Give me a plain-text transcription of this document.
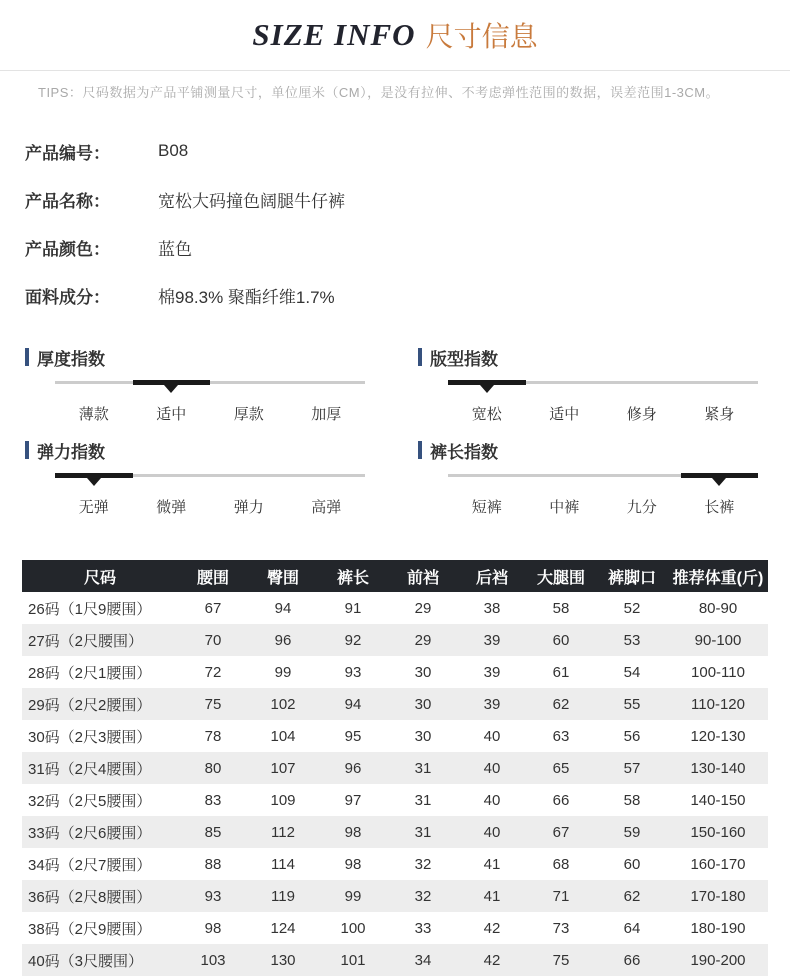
SIZE INFO 尺寸信息
TIPS：尺码数据为产品平铺测量尺寸，单位厘米（CM），是没有拉伸、不考虑弹性范围的数据，误差范围1-3CM。
产品编号：	B08
产品名称：	宽松大码撞色阔腿牛仔裤
产品颜色：	蓝色
面料成分：	棉98.3% 聚酯纤维1.7%
厚度指数
薄款	适中	厚款	加厚
版型指数
宽松	适中	修身	紧身
弹力指数
无弹	微弹	弹力	高弹
裤长指数
短裤	中裤	九分	长裤
尺码	腰围	臀围	裤长	前裆	后裆	大腿围	裤脚口	推荐体重(斤)
26码（1尺9腰围）	67	94	91	29	38	58	52	80-90
27码（2尺腰围）	70	96	92	29	39	60	53	90-100
28码（2尺1腰围）	72	99	93	30	39	61	54	100-110
29码（2尺2腰围）	75	102	94	30	39	62	55	110-120
30码（2尺3腰围）	78	104	95	30	40	63	56	120-130
31码（2尺4腰围）	80	107	96	31	40	65	57	130-140
32码（2尺5腰围）	83	109	97	31	40	66	58	140-150
33码（2尺6腰围）	85	112	98	31	40	67	59	150-160
34码（2尺7腰围）	88	114	98	32	41	68	60	160-170
36码（2尺8腰围）	93	119	99	32	41	71	62	170-180
38码（2尺9腰围）	98	124	100	33	42	73	64	180-190
40码（3尺腰围）	103	130	101	34	42	75	66	190-200
